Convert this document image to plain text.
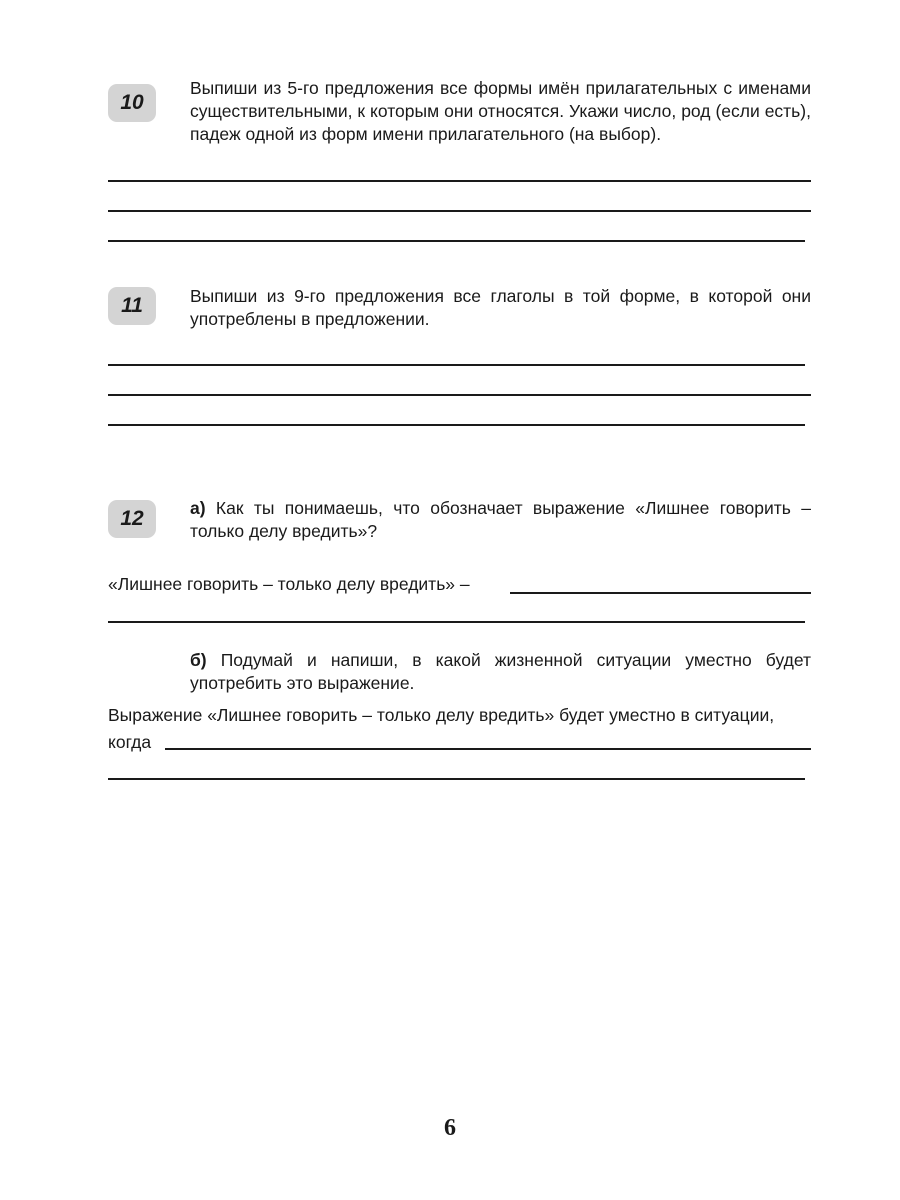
10
Выпиши из 5-го предложения все формы имён прилагательных с именами существительными, к которым они относятся. Укажи число, род (если есть), падеж одной из форм имени прилагательного (на выбор).
11	Выпиши из 9-го предложения все глаголы в той форме, в которой они употреблены в предложении.
12	а) Как ты понимаешь, что обозначает выражение «Лишнее говорить – только делу вредить»?
«Лишнее говорить – только делу вредить» –
б) Подумай и напиши, в какой жизненной ситуации уместно будет употребить это выражение.
Выражение «Лишнее говорить – только делу вредить» будет уместно в ситуации,
когда
6
